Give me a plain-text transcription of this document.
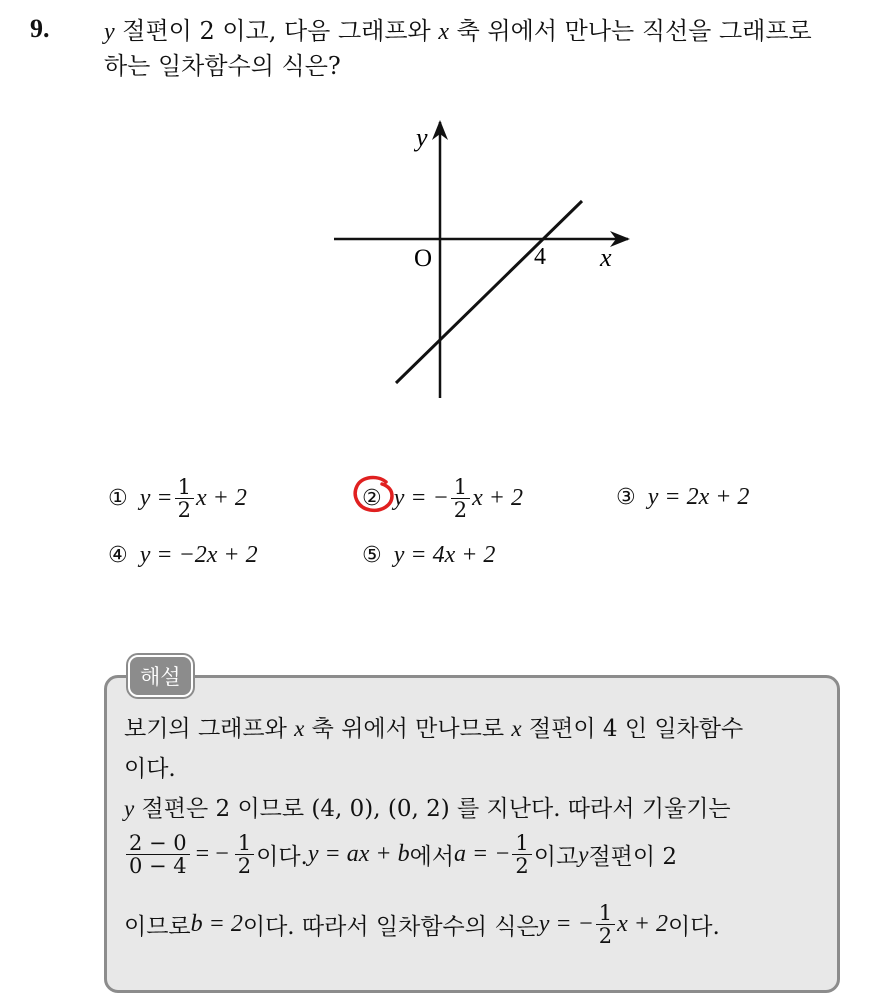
9. y 절편이 2 이고, 다음 그래프와 x 축 위에서 만나는 직선을 그래프로
하는 일차함수의 식은?
y
x
O	4
① $y = \frac{1}{2}$ x + 2	② y = − $\frac{1}{2}$ x + 2	③ y = 2x + 2
④ y = −2x + 2	⑤ y = 4x + 2
해설
보기의 그래프와 x 축 위에서 만나므로 x 절편이 4 인 일차함수
이다.
y 절편은 2 이므로 (4, 0), (0, 2) 를 지난다. 따라서 기울기는
$\frac{2 - 0}{0 - 4}$ = − $\frac{1}{2}$ 이다. y = ax + b 에서 a = − $\frac{1}{2}$ 이고 y 절편이 2
이므로 b = 2 이다. 따라서 일차함수의 식은 y = − $\frac{1}{2}$ x + 2 이다.
